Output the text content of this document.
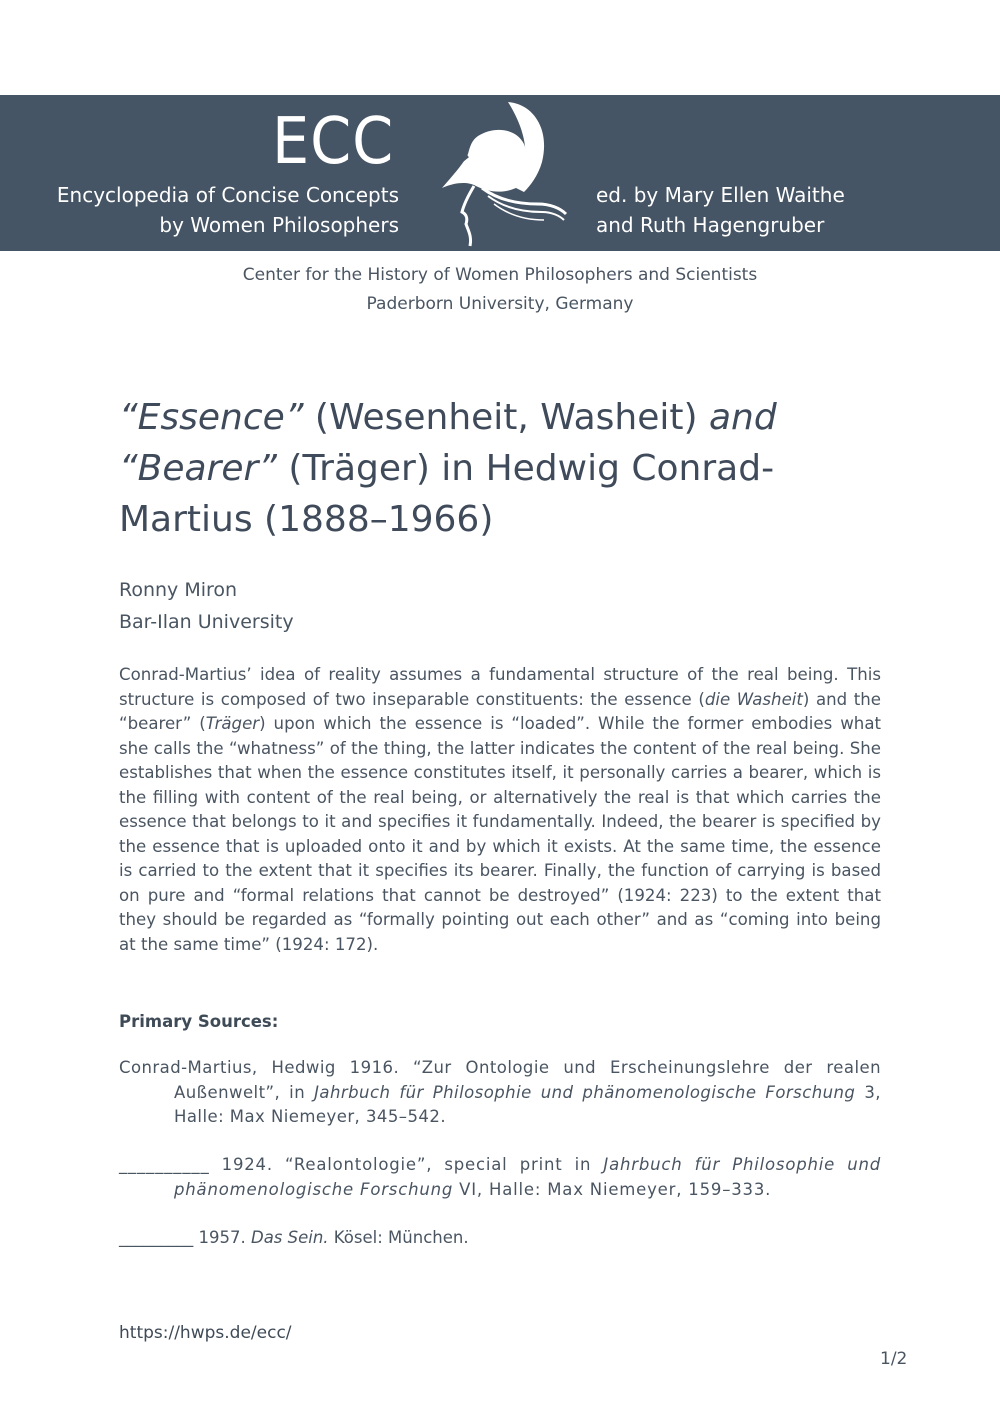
ECC
Encyclopedia of Concise Concepts
by Women Philosophers
ed. by Mary Ellen Waithe
and Ruth Hagengruber
Center for the History of Women Philosophers and Scientists
Paderborn University, Germany
“Essence” (Wesenheit, Washeit) and
“Bearer” (Träger) in Hedwig Conrad-Martius (1888–1966)
Ronny Miron
Bar-Ilan University

Conrad-Martius’ idea of reality assumes a fundamental structure of the real being. This structure is composed of two inseparable constituents: the essence (die Washeit) and the “bearer” (Träger) upon which the essence is “loaded”. While the former embodies what she calls the “whatness” of the thing, the latter indicates the content of the real being. She establishes that when the essence constitutes itself, it personally carries a bearer, which is the filling with content of the real being, or alternatively the real is that which carries the essence that belongs to it and specifies it fundamentally. Indeed, the bearer is specified by the essence that is uploaded onto it and by which it exists. At the same time, the essence is carried to the extent that it specifies its bearer. Finally, the function of carrying is based on pure and “formal relations that cannot be destroyed” (1924: 223) to the extent that they should be regarded as “formally pointing out each other” and as “coming into being at the same time” (1924: 172).

Primary Sources:

Conrad-Martius, Hedwig 1916. “Zur Ontologie und Erscheinungslehre der realen Außenwelt”, in Jahrbuch für Philosophie und phänomenologische Forschung 3, Halle: Max Niemeyer, 345–542.

__________ 1924. “Realontologie”, special print in Jahrbuch für Philosophie und phänomenologische Forschung VI, Halle: Max Niemeyer, 159–333.

_________ 1957. Das Sein. Kösel: München.

https://hwps.de/ecc/
1/2
